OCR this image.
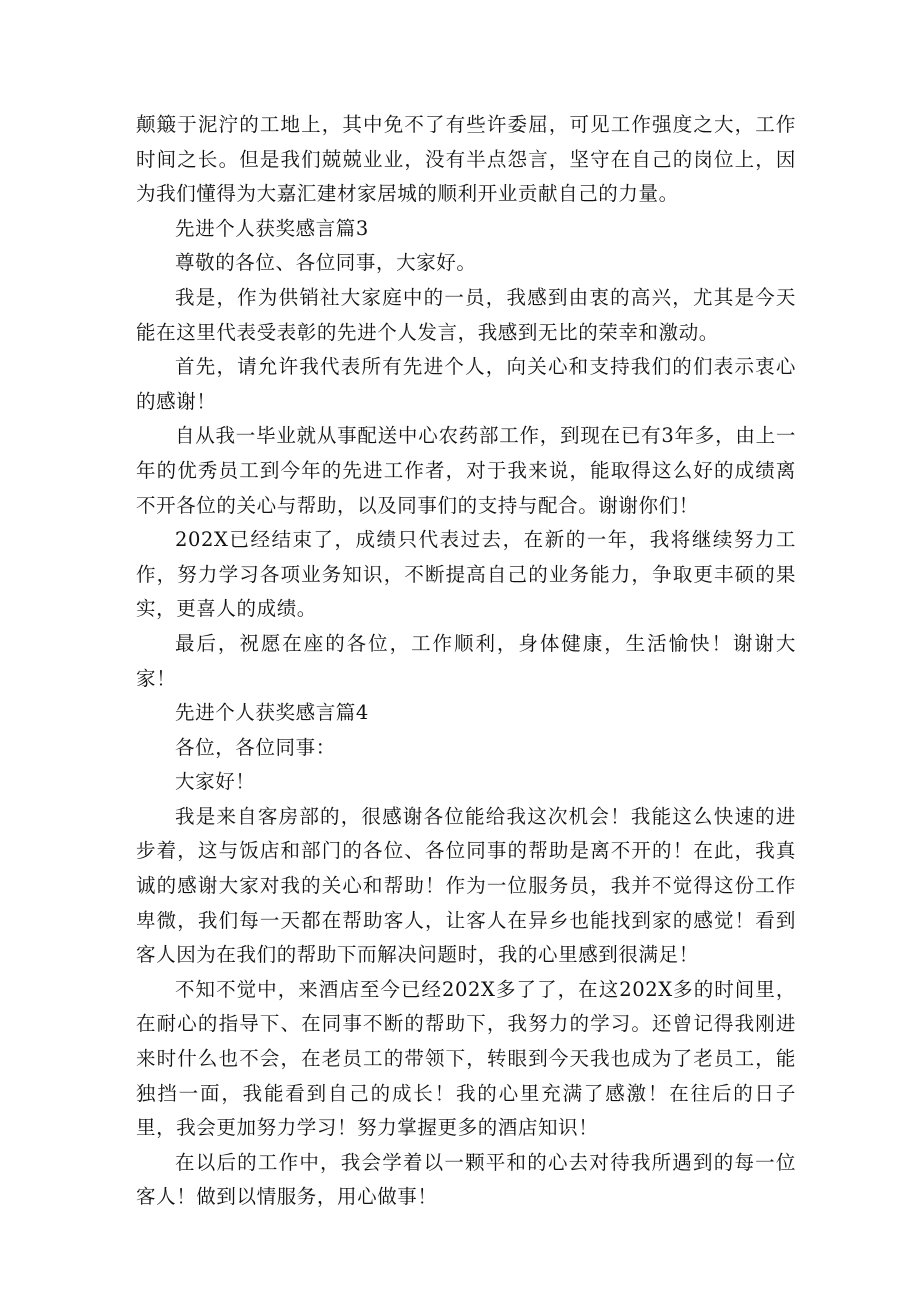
颠簸于泥泞的工地上，其中免不了有些许委屈，可见工作强度之大，工作时间之长。但是我们兢兢业业，没有半点怨言，坚守在自己的岗位上，因为我们懂得为大嘉汇建材家居城的顺利开业贡献自己的力量。

先进个人获奖感言篇3

尊敬的各位、各位同事，大家好。

我是，作为供销社大家庭中的一员，我感到由衷的高兴，尤其是今天能在这里代表受表彰的先进个人发言，我感到无比的荣幸和激动。

首先，请允许我代表所有先进个人，向关心和支持我们的们表示衷心的感谢！

自从我一毕业就从事配送中心农药部工作，到现在已有3年多，由上一年的优秀员工到今年的先进工作者，对于我来说，能取得这么好的成绩离不开各位的关心与帮助，以及同事们的支持与配合。谢谢你们！

202X已经结束了，成绩只代表过去，在新的一年，我将继续努力工作，努力学习各项业务知识，不断提高自己的业务能力，争取更丰硕的果实，更喜人的成绩。

最后，祝愿在座的各位，工作顺利，身体健康，生活愉快！谢谢大家！

先进个人获奖感言篇4

各位，各位同事：

大家好！

我是来自客房部的，很感谢各位能给我这次机会！我能这么快速的进步着，这与饭店和部门的各位、各位同事的帮助是离不开的！在此，我真诚的感谢大家对我的关心和帮助！作为一位服务员，我并不觉得这份工作卑微，我们每一天都在帮助客人，让客人在异乡也能找到家的感觉！看到客人因为在我们的帮助下而解决问题时，我的心里感到很满足！

不知不觉中，来酒店至今已经202X多了了，在这202X多的时间里，在耐心的指导下、在同事不断的帮助下，我努力的学习。还曾记得我刚进来时什么也不会，在老员工的带领下，转眼到今天我也成为了老员工，能独挡一面，我能看到自己的成长！我的心里充满了感激！在往后的日子里，我会更加努力学习！努力掌握更多的酒店知识！

在以后的工作中，我会学着以一颗平和的心去对待我所遇到的每一位客人！做到以情服务，用心做事！
